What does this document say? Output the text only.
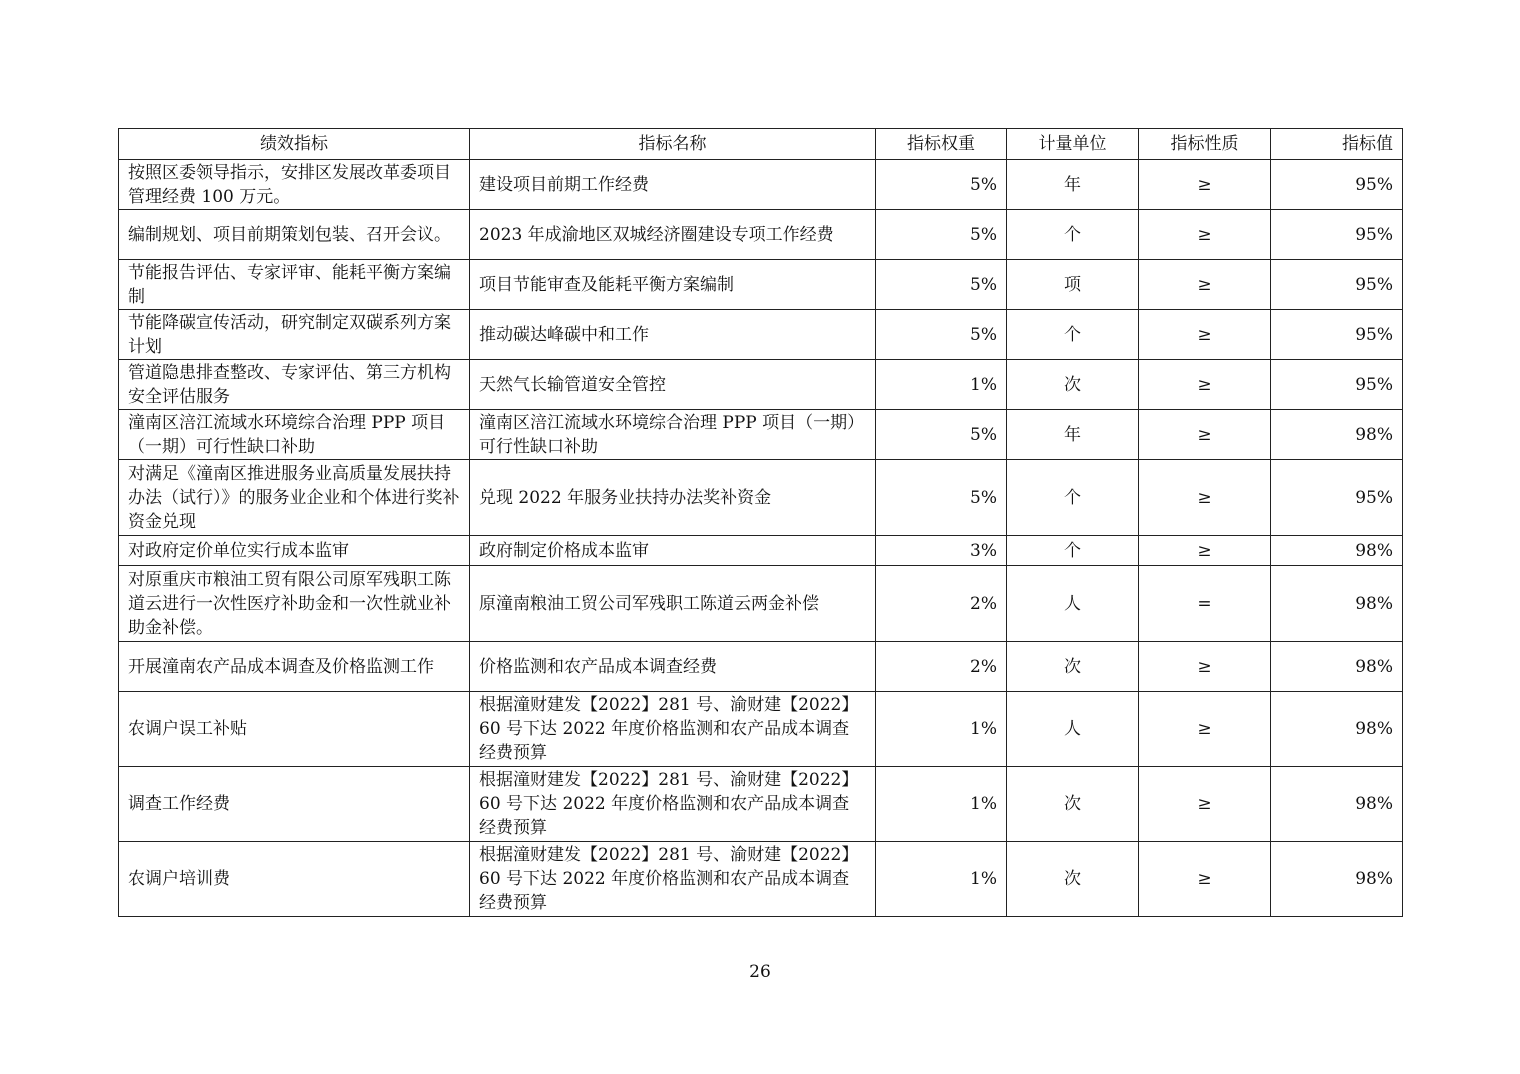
绩效指标	指标名称	指标权重	计量单位	指标性质	指标值
按照区委领导指示，安排区发展改革委项目管理经费 100 万元。	建设项目前期工作经费	5%	年	≥	95%
编制规划、项目前期策划包装、召开会议。	2023 年成渝地区双城经济圈建设专项工作经费	5%	个	≥	95%
节能报告评估、专家评审、能耗平衡方案编制	项目节能审查及能耗平衡方案编制	5%	项	≥	95%
节能降碳宣传活动，研究制定双碳系列方案计划	推动碳达峰碳中和工作	5%	个	≥	95%
管道隐患排查整改、专家评估、第三方机构安全评估服务	天然气长输管道安全管控	1%	次	≥	95%
潼南区涪江流域水环境综合治理 PPP 项目（一期）可行性缺口补助	潼南区涪江流域水环境综合治理 PPP 项目（一期）可行性缺口补助	5%	年	≥	98%
对满足《潼南区推进服务业高质量发展扶持办法（试行）》的服务业企业和个体进行奖补资金兑现	兑现 2022 年服务业扶持办法奖补资金	5%	个	≥	95%
对政府定价单位实行成本监审	政府制定价格成本监审	3%	个	≥	98%
对原重庆市粮油工贸有限公司原军残职工陈道云进行一次性医疗补助金和一次性就业补助金补偿。	原潼南粮油工贸公司军残职工陈道云两金补偿	2%	人	=	98%
开展潼南农产品成本调查及价格监测工作	价格监测和农产品成本调查经费	2%	次	≥	98%
农调户误工补贴	根据潼财建发【2022】281 号、渝财建【2022】60 号下达 2022 年度价格监测和农产品成本调查经费预算	1%	人	≥	98%
调查工作经费	根据潼财建发【2022】281 号、渝财建【2022】60 号下达 2022 年度价格监测和农产品成本调查经费预算	1%	次	≥	98%
农调户培训费	根据潼财建发【2022】281 号、渝财建【2022】60 号下达 2022 年度价格监测和农产品成本调查经费预算	1%	次	≥	98%
26
